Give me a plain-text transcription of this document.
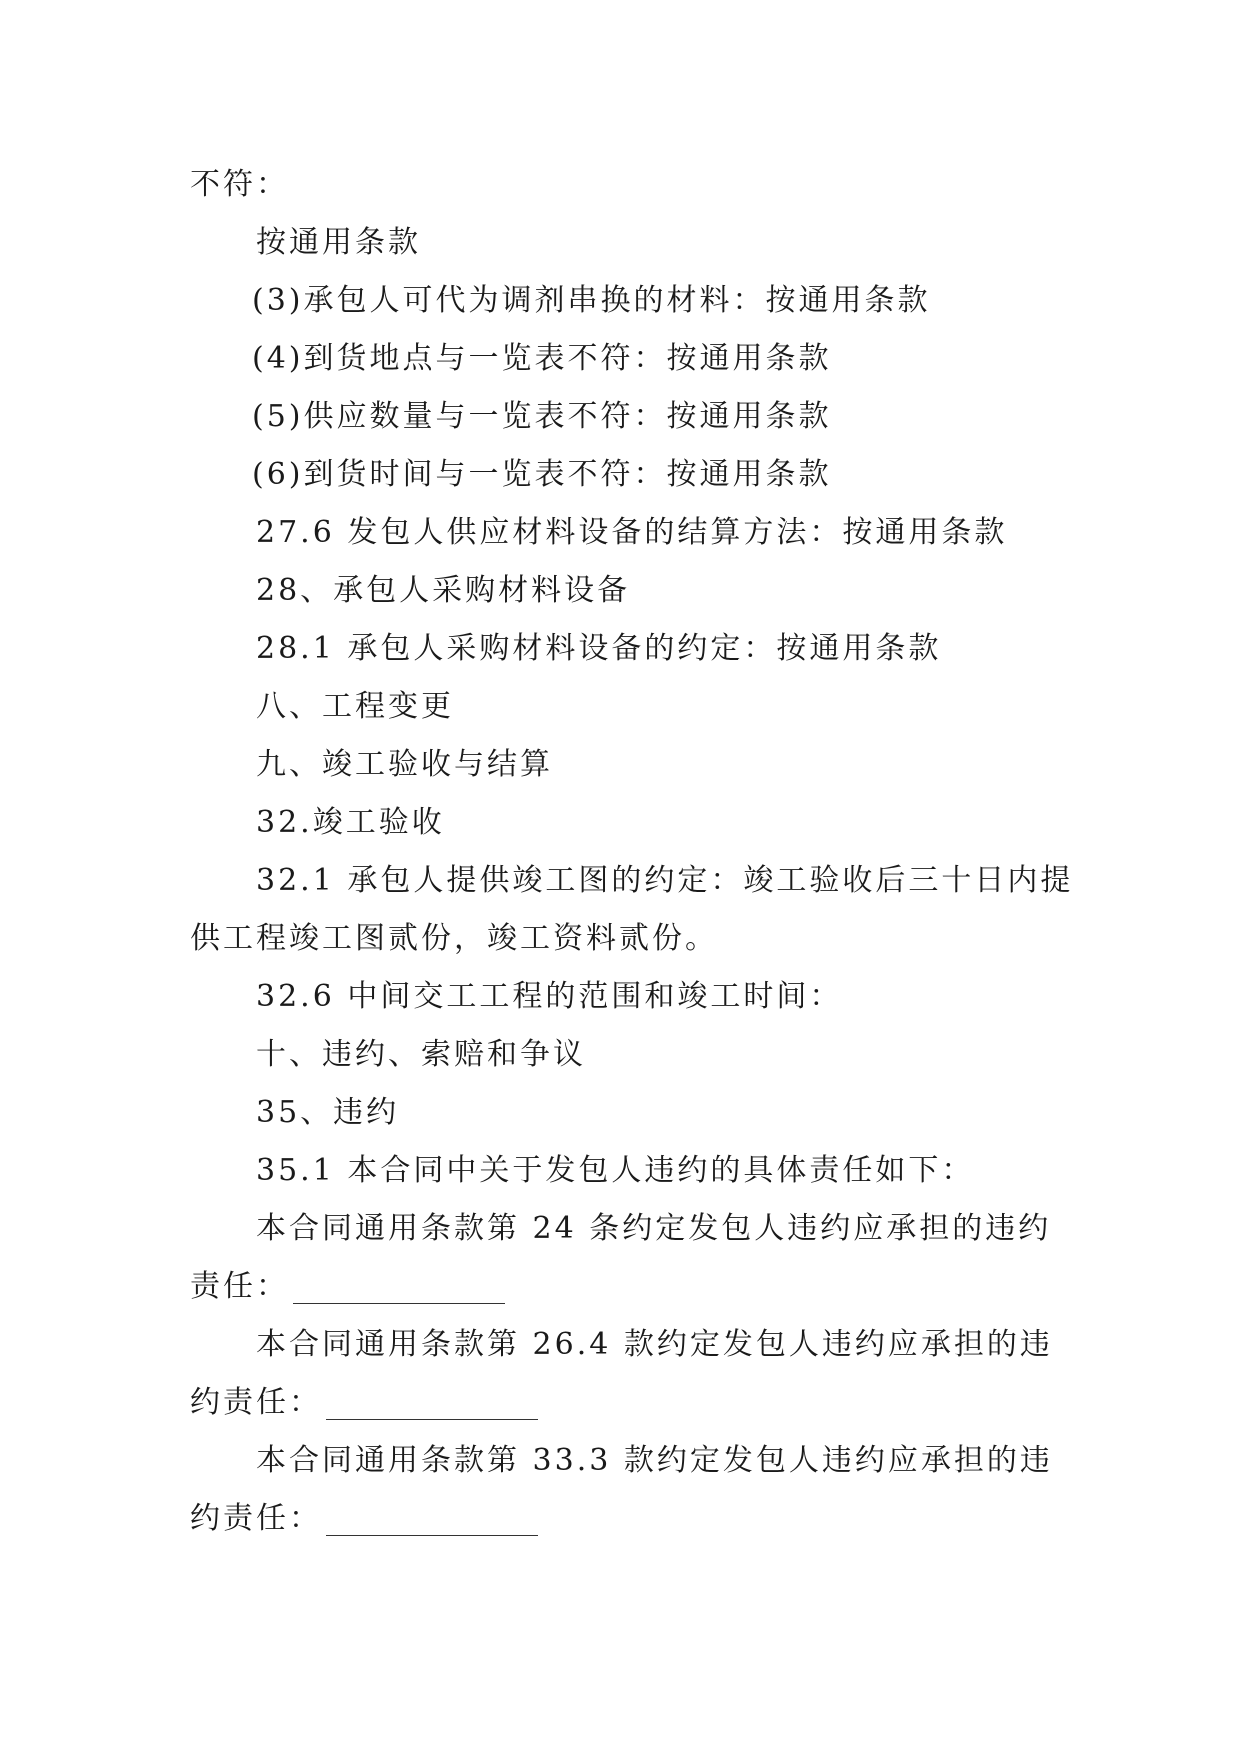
不符：
按通用条款
(3)承包人可代为调剂串换的材料：按通用条款
(4)到货地点与一览表不符：按通用条款
(5)供应数量与一览表不符：按通用条款
(6)到货时间与一览表不符：按通用条款
27.6 发包人供应材料设备的结算方法：按通用条款
28、承包人采购材料设备
28.1 承包人采购材料设备的约定：按通用条款
八、工程变更
九、竣工验收与结算
32.竣工验收
32.1 承包人提供竣工图的约定：竣工验收后三十日内提
供工程竣工图贰份，竣工资料贰份。
32.6 中间交工工程的范围和竣工时间：
十、违约、索赔和争议
35、违约
35.1 本合同中关于发包人违约的具体责任如下：
本合同通用条款第 24 条约定发包人违约应承担的违约
责任：
本合同通用条款第 26.4 款约定发包人违约应承担的违
约责任：
本合同通用条款第 33.3 款约定发包人违约应承担的违
约责任：
